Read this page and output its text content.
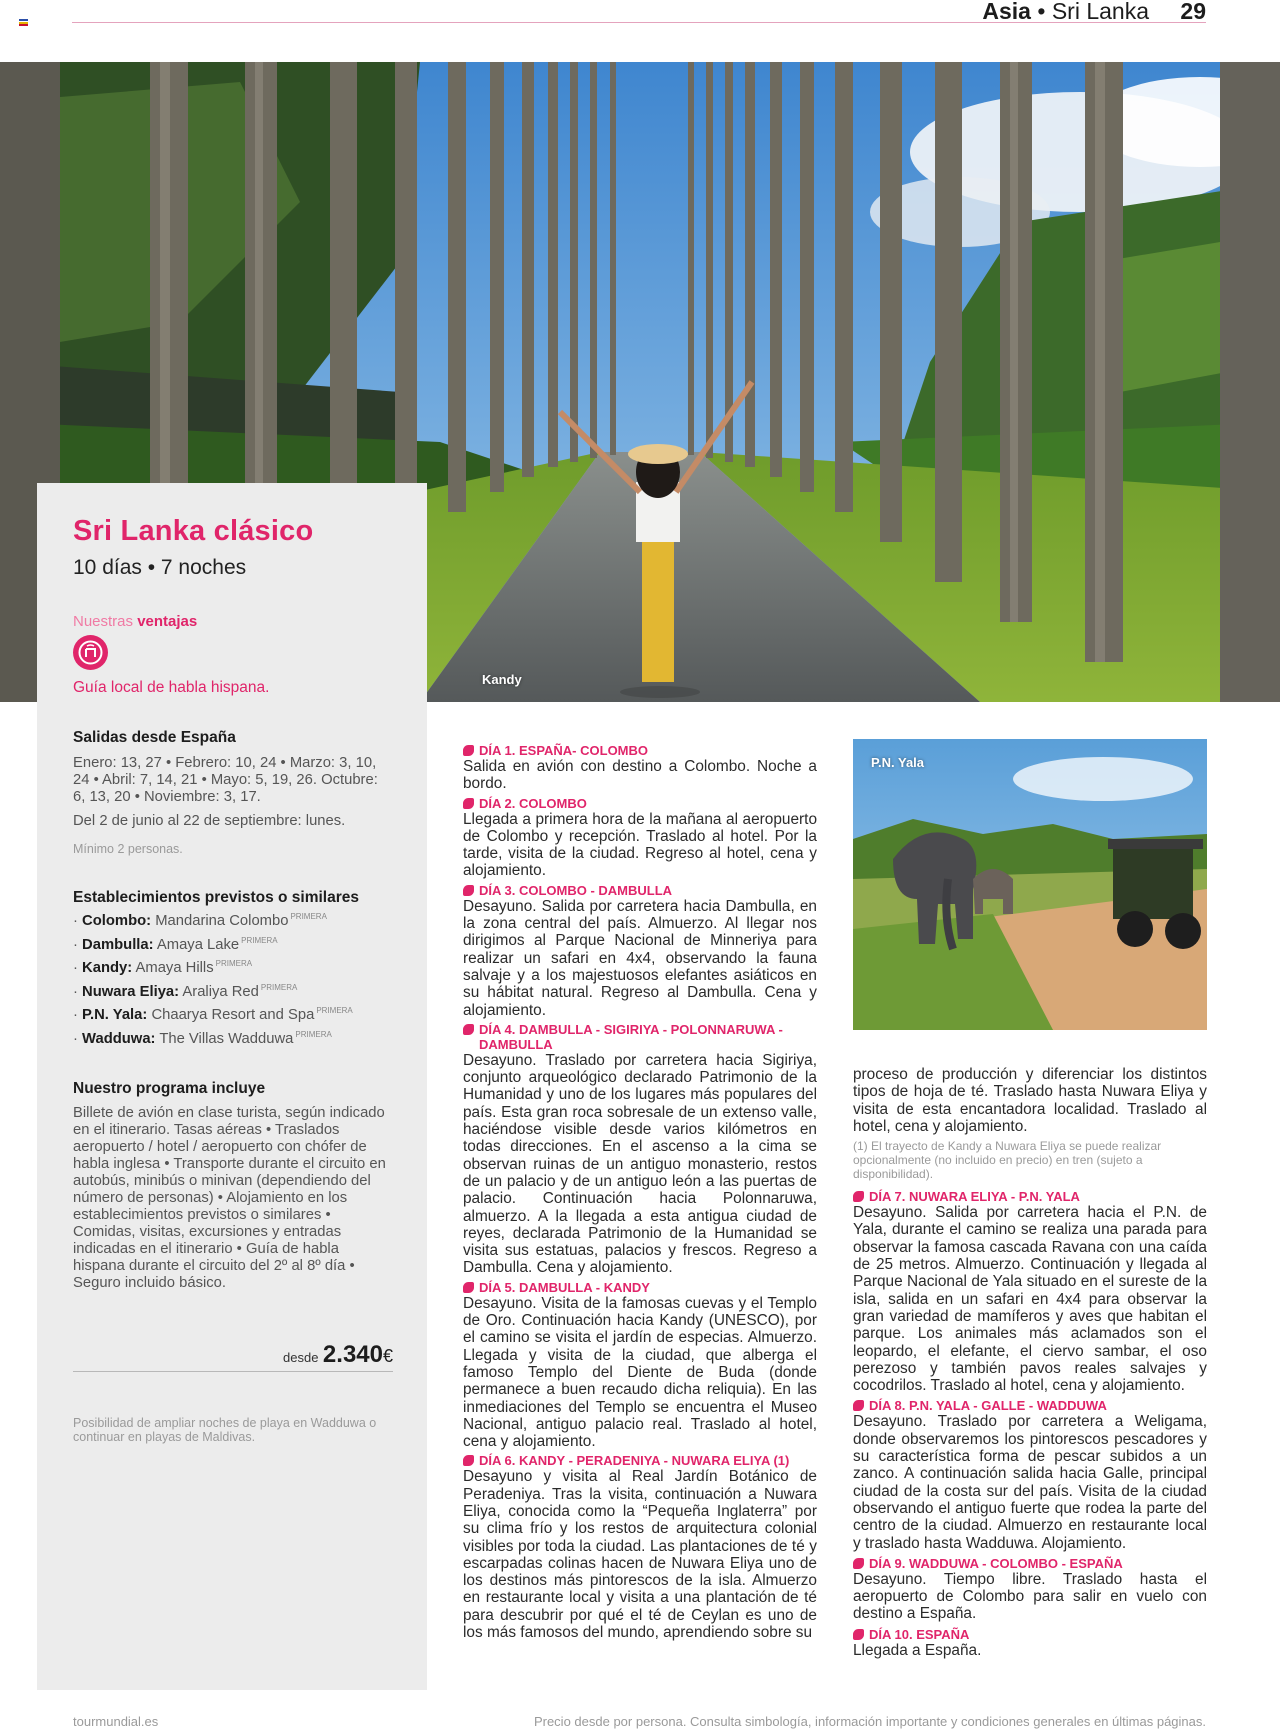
Asia • Sri Lanka 29
Kandy
Sri Lanka clásico
10 días • 7 noches
Nuestras ventajas
Guía local de habla hispana.
Salidas desde España
Enero: 13, 27 • Febrero: 10, 24 • Marzo: 3, 10, 24 • Abril: 7, 14, 21 • Mayo: 5, 19, 26. Octubre: 6, 13, 20 • Noviembre: 3, 17.
Del 2 de junio al 22 de septiembre: lunes.
Mínimo 2 personas.
Establecimientos previstos o similares
· Colombo: Mandarina Colombo $^{PRIMERA}$
· Dambulla: Amaya Lake $^{PRIMERA}$
· Kandy: Amaya Hills $^{PRIMERA}$
· Nuwara Eliya: Araliya Red $^{PRIMERA}$
· P.N. Yala: Chaarya Resort and Spa $^{PRIMERA}$
· Wadduwa: The Villas Wadduwa $^{PRIMERA}$
Nuestro programa incluye
Billete de avión en clase turista, según indicado en el itinerario. Tasas aéreas • Traslados aeropuerto / hotel / aeropuerto con chófer de habla inglesa • Transporte durante el circuito en autobús, minibús o minivan (dependiendo del número de personas) • Alojamiento en los establecimientos previstos o similares • Comidas, visitas, excursiones y entradas indicadas en el itinerario • Guía de habla hispana durante el circuito del 2º al 8º día • Seguro incluido básico.
desde 2.340€
Posibilidad de ampliar noches de playa en Wadduwa o continuar en playas de Maldivas.
DÍA 1. ESPAÑA- COLOMBO
Salida en avión con destino a Colombo. Noche a bordo.
DÍA 2. COLOMBO
Llegada a primera hora de la mañana al aeropuerto de Colombo y recepción. Traslado al hotel. Por la tarde, visita de la ciudad. Regreso al hotel, cena y alojamiento.
DÍA 3. COLOMBO - DAMBULLA
Desayuno. Salida por carretera hacia Dambulla, en la zona central del país. Almuerzo. Al llegar nos dirigimos al Parque Nacional de Minneriya para realizar un safari en 4x4, observando la fauna salvaje y a los majestuosos elefantes asiáticos en su hábitat natural. Regreso al Dambulla. Cena y alojamiento.
DÍA 4. DAMBULLA - SIGIRIYA - POLONNARUWA - DAMBULLA
Desayuno. Traslado por carretera hacia Sigiriya, conjunto arqueológico declarado Patrimonio de la Humanidad y uno de los lugares más populares del país. Esta gran roca sobresale de un extenso valle, haciéndose visible desde varios kilómetros en todas direcciones. En el ascenso a la cima se observan ruinas de un antiguo monasterio, restos de un palacio y de un antiguo león a las puertas de palacio. Continuación hacia Polonnaruwa, almuerzo. A la llegada a esta antigua ciudad de reyes, declarada Patrimonio de la Humanidad se visita sus estatuas, palacios y frescos. Regreso a Dambulla. Cena y alojamiento.
DÍA 5. DAMBULLA - KANDY
Desayuno. Visita de la famosas cuevas y el Templo de Oro. Continuación hacia Kandy (UNESCO), por el camino se visita el jardín de especias. Almuerzo. Llegada y visita de la ciudad, que alberga el famoso Templo del Diente de Buda (donde permanece a buen recaudo dicha reliquia). En las inmediaciones del Templo se encuentra el Museo Nacional, antiguo palacio real. Traslado al hotel, cena y alojamiento.
DÍA 6. KANDY - PERADENIYA - NUWARA ELIYA (1)
Desayuno y visita al Real Jardín Botánico de Peradeniya. Tras la visita, continuación a Nuwara Eliya, conocida como la “Pequeña Inglaterra” por su clima frío y los restos de arquitectura colonial visibles por toda la ciudad. Las plantaciones de té y escarpadas colinas hacen de Nuwara Eliya uno de los destinos más pintorescos de la isla. Almuerzo en restaurante local y visita a una plantación de té para descubrir por qué el té de Ceylan es uno de los más famosos del mundo, aprendiendo sobre su
P.N. Yala
proceso de producción y diferenciar los distintos tipos de hoja de té. Traslado hasta Nuwara Eliya y visita de esta encantadora localidad. Traslado al hotel, cena y alojamiento.
(1) El trayecto de Kandy a Nuwara Eliya se puede realizar opcionalmente (no incluido en precio) en tren (sujeto a disponibilidad).
DÍA 7. NUWARA ELIYA - P.N. YALA
Desayuno. Salida por carretera hacia el P.N. de Yala, durante el camino se realiza una parada para observar la famosa cascada Ravana con una caída de 25 metros. Almuerzo. Continuación y llegada al Parque Nacional de Yala situado en el sureste de la isla, salida en un safari en 4x4 para observar la gran variedad de mamíferos y aves que habitan el parque. Los animales más aclamados son el leopardo, el elefante, el ciervo sambar, el oso perezoso y también pavos reales salvajes y cocodrilos. Traslado al hotel, cena y alojamiento.
DÍA 8. P.N. YALA - GALLE - WADDUWA
Desayuno. Traslado por carretera a Weligama, donde observaremos los pintorescos pescadores y su característica forma de pescar subidos a un zanco. A continuación salida hacia Galle, principal ciudad de la costa sur del país. Visita de la ciudad observando el antiguo fuerte que rodea la parte del centro de la ciudad. Almuerzo en restaurante local y traslado hasta Wadduwa. Alojamiento.
DÍA 9. WADDUWA - COLOMBO - ESPAÑA
Desayuno. Tiempo libre. Traslado hasta el aeropuerto de Colombo para salir en vuelo con destino a España.
DÍA 10. ESPAÑA
Llegada a España.
tourmundial.es	Precio desde por persona. Consulta simbología, información importante y condiciones generales en últimas páginas.
